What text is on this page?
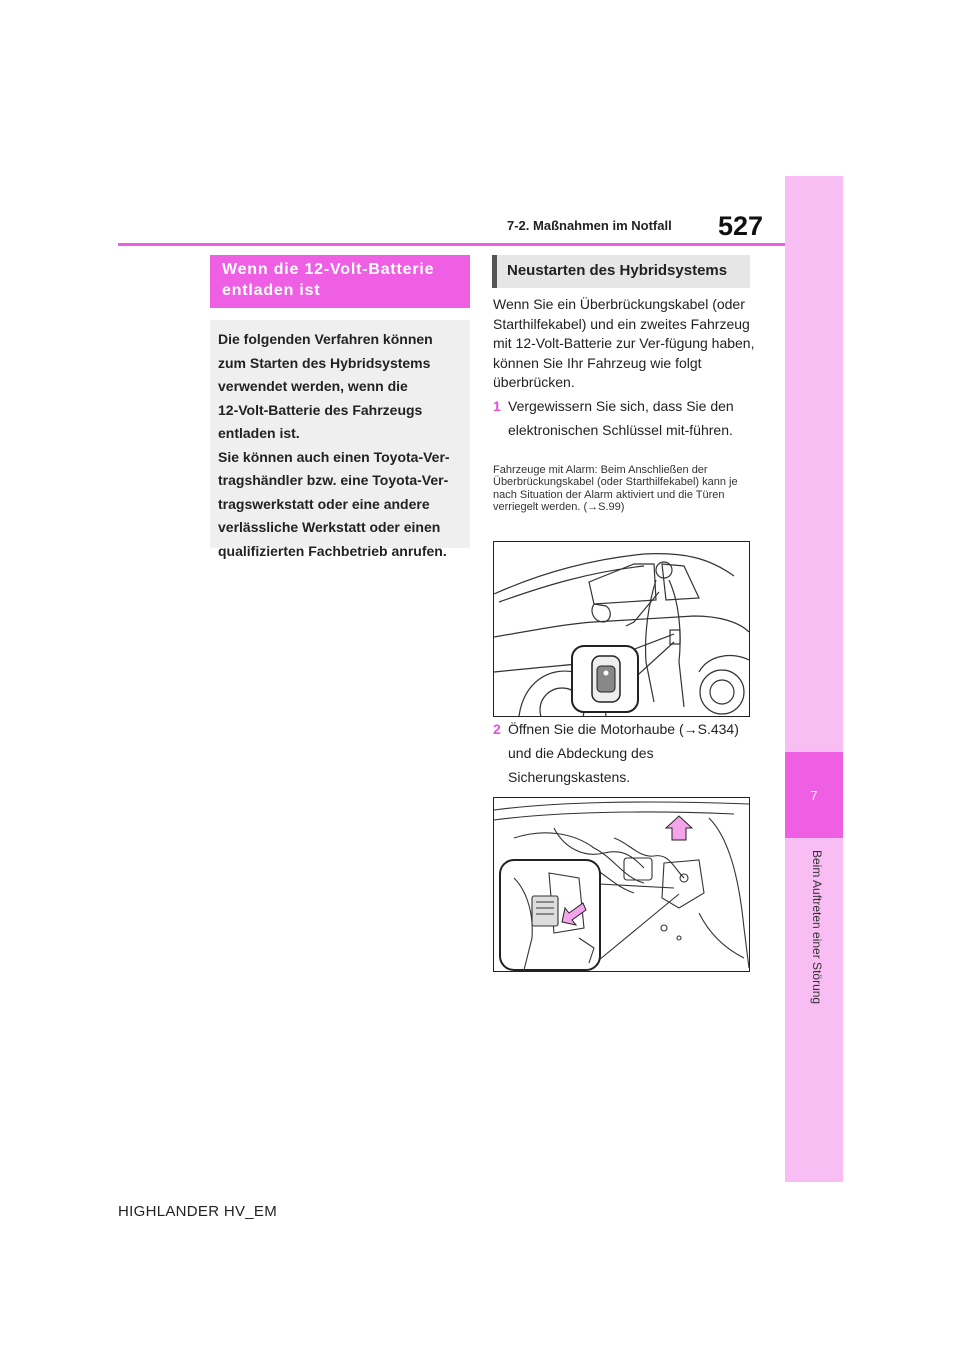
7
Beim Auftreten einer Störung
7-2. Maßnahmen im Notfall 527
Wenn die 12-Volt-Batterie entladen ist

Die folgenden Verfahren können

zum Starten des Hybridsystems

verwendet werden, wenn die

12-Volt-Batterie des Fahrzeugs

entladen ist.

Sie können auch einen Toyota-Ver-

tragshändler bzw. eine Toyota-Ver-

tragswerkstatt oder eine andere

verlässliche Werkstatt oder einen

qualifizierten Fachbetrieb anrufen.

Neustarten des Hybridsystems
Wenn Sie ein Überbrückungskabel (oder Starthilfekabel) und ein zweites Fahrzeug mit 12-Volt-Batterie zur Ver-fügung haben, können Sie Ihr Fahrzeug wie folgt überbrücken.
1 Vergewissern Sie sich, dass Sie den elektronischen Schlüssel mit-führen.
Fahrzeuge mit Alarm: Beim Anschließen der Überbrückungskabel (oder Starthilfekabel) kann je nach Situation der Alarm aktiviert und die Türen verriegelt werden. (→S.99)
2 Öffnen Sie die Motorhaube (→S.434) und die Abdeckung des Sicherungskastens.
HIGHLANDER HV_EM
